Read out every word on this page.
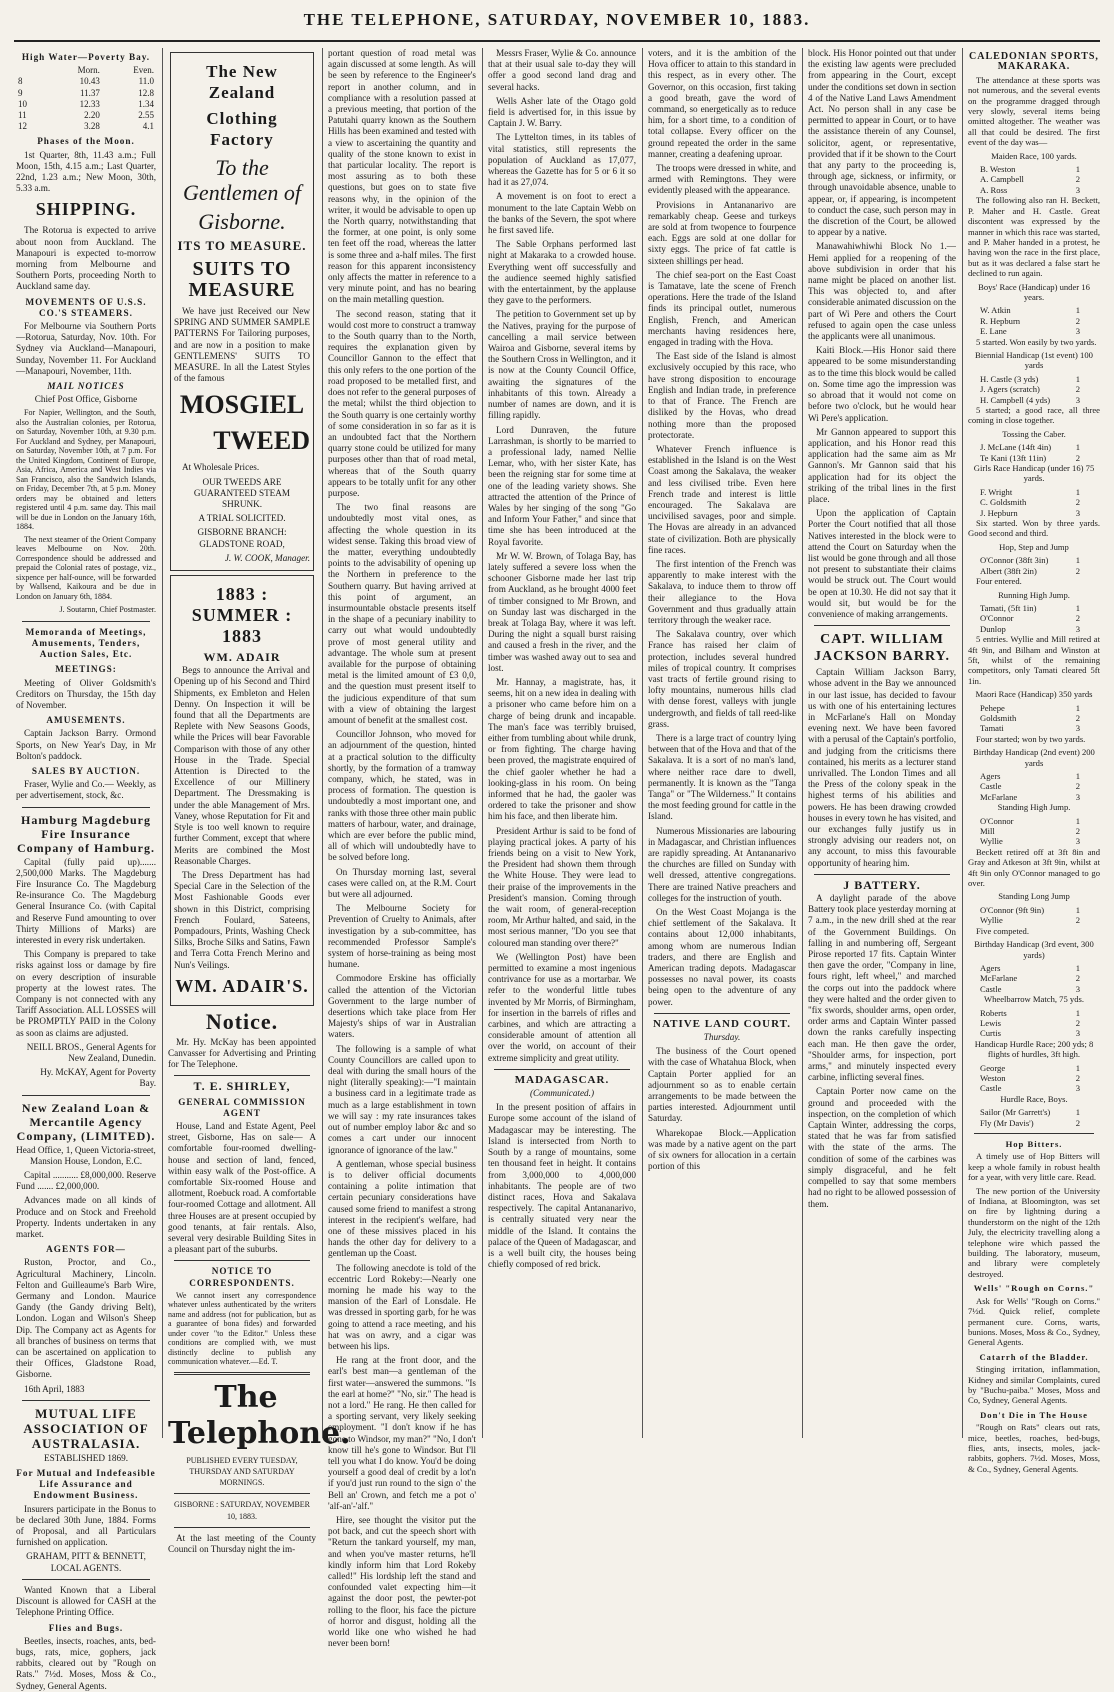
THE TELEPHONE, SATURDAY, NOVEMBER 10, 1883.

High Water—Poverty Bay.

	Morn.	Even.
8	10.43	11.0
9	11.37	12.8
10	12.33	1.34
11	2.20	2.55
12	3.28	4.1

Phases of the Moon.

1st Quarter, 8th, 11.43 a.m.; Full Moon, 15th, 4.15 a.m.; Last Quarter, 22nd, 1.23 a.m.; New Moon, 30th, 5.33 a.m.

SHIPPING.

The Rotorua is expected to arrive about noon from Auckland. The Manapouri is expected to-morrow morning from Melbourne and Southern Ports, proceeding North to Auckland same day.

MOVEMENTS OF U.S.S. CO.'S STEAMERS.

For Melbourne via Southern Ports—Rotorua, Saturday, Nov. 10th. For Sydney via Auckland—Manapouri, Sunday, November 11. For Auckland—Manapouri, November, 11th.

MAIL NOTICES

Chief Post Office, Gisborne

For Napier, Wellington, and the South, also the Australian colonies, per Rotorua, on Saturday, November 10th, at 9.30 p.m. For Auckland and Sydney, per Manapouri, on Saturday, November 10th, at 7 p.m. For the United Kingdom, Continent of Europe, Asia, Africa, America and West Indies via San Francisco, also the Sandwich Islands, on Friday, December 7th, at 5 p.m. Money orders may be obtained and letters registered until 4 p.m. same day. This mail will be due in London on the January 16th, 1884.

The next steamer of the Orient Company leaves Melbourne on Nov. 20th. Correspondence should be addressed and prepaid the Colonial rates of postage, viz., sixpence per half-ounce, will be forwarded by Wallsend, Kaikoura and be due in London on January 6th, 1884.

J. Soutarnn, Chief Postmaster.

Memoranda of Meetings, Amusements, Tenders, Auction Sales, Etc.

MEETINGS:

Meeting of Oliver Goldsmith's Creditors on Thursday, the 15th day of November.

AMUSEMENTS.

Captain Jackson Barry. Ormond Sports, on New Year's Day, in Mr Bolton's paddock.

SALES BY AUCTION.

Fraser, Wylie and Co.— Weekly, as per advertisement, stock, &c.

Hamburg Magdeburg Fire Insurance Company of Hamburg.

Capital (fully paid up)....... 2,500,000 Marks. The Magdeburg Fire Insurance Co. The Magdeburg Re-insurance Co. The Magdeburg General Insurance Co. (with Capital and Reserve Fund amounting to over Thirty Millions of Marks) are interested in every risk undertaken.

This Company is prepared to take risks against loss or damage by fire on every description of insurable property at the lowest rates. The Company is not connected with any Tariff Association. ALL LOSSES will be PROMPTLY PAID in the Colony as soon as claims are adjusted.

NEILL BROS., General Agents for New Zealand, Dunedin.

Hy. McKAY, Agent for Poverty Bay.

New Zealand Loan & Mercantile Agency Company, (LIMITED).

Head Office, 1, Queen Victoria-street, Mansion House, London, E.C.

Capital ........... £8,000,000. Reserve Fund ....... £2,000,000.

Advances made on all kinds of Produce and on Stock and Freehold Property. Indents undertaken in any market.

AGENTS FOR—

Ruston, Proctor, and Co., Agricultural Machinery, Lincoln. Felton and Guilleaume's Barb Wire, Germany and London. Maurice Gandy (the Gandy driving Belt), London. Logan and Wilson's Sheep Dip. The Company act as Agents for all branches of business on terms that can be ascertained on application to their Offices, Gladstone Road, Gisborne.

16th April, 1883

MUTUAL LIFE ASSOCIATION OF AUSTRALASIA.

ESTABLISHED 1869.

For Mutual and Indefeasible Life Assurance and Endowment Business.

Insurers participate in the Bonus to be declared 30th June, 1884. Forms of Proposal, and all Particulars furnished on application.

GRAHAM, PITT & BENNETT, LOCAL AGENTS.

Wanted Known that a Liberal Discount is allowed for CASH at the Telephone Printing Office.

Flies and Bugs.

Beetles, insects, roaches, ants, bed-bugs, rats, mice, gophers, jack rabbits, cleared out by "Rough on Rats." 7½d. Moses, Moss & Co., Sydney, General Agents.

The New Zealand

Clothing Factory

To the Gentlemen of

Gisborne.

ITS TO MEASURE.

SUITS TO MEASURE

We have just Received our New SPRING AND SUMMER SAMPLE PATTERNS For Tailoring purposes, and are now in a position to make GENTLEMENS' SUITS TO MEASURE. In all the Latest Styles of the famous

MOSGIEL

TWEED

At Wholesale Prices.

OUR TWEEDS ARE GUARANTEED STEAM SHRUNK.

A TRIAL SOLICITED.

GISBORNE BRANCH: GLADSTONE ROAD,

J. W. COOK, Manager.

1883 : SUMMER : 1883

WM. ADAIR

Begs to announce the Arrival and Opening up of his Second and Third Shipments, ex Embleton and Helen Denny. On Inspection it will be found that all the Departments are Replete with New Seasons Goods, while the Prices will bear Favorable Comparison with those of any other House in the Trade. Special Attention is Directed to the Excellence of our Millinery Department. The Dressmaking is under the able Management of Mrs. Vaney, whose Reputation for Fit and Style is too well known to require further Comment, except that where Merits are combined the Most Reasonable Charges.

The Dress Department has had Special Care in the Selection of the Most Fashionable Goods ever shown in this District, comprising French Foulard, Sateens, Pompadours, Prints, Washing Check Silks, Broche Silks and Satins, Fawn and Terra Cotta French Merino and Nun's Veilings.

WM. ADAIR'S.

Notice.

Mr. Hy. McKay has been appointed Canvasser for Advertising and Printing for The Telephone.

T. E. SHIRLEY,

GENERAL COMMISSION AGENT

House, Land and Estate Agent, Peel street, Gisborne, Has on sale— A comfortable four-roomed dwelling-house and section of land, fenced, within easy walk of the Post-office. A comfortable Six-roomed House and allotment, Roebuck road. A comfortable four-roomed Cottage and allotment. All three Houses are at present occupied by good tenants, at fair rentals. Also, several very desirable Building Sites in a pleasant part of the suburbs.

NOTICE TO CORRESPONDENTS.

We cannot insert any correspondence whatever unless authenticated by the writers name and address (not for publication, but as a guarantee of bona fides) and forwarded under cover "to the Editor." Unless these conditions are complied with, we must distinctly decline to publish any communication whatever.—Ed. T.

The Telephone.

PUBLISHED EVERY TUESDAY, THURSDAY AND SATURDAY MORNINGS.

GISBORNE : SATURDAY, NOVEMBER 10, 1883.

At the last meeting of the County Council on Thursday night the im-

portant question of road metal was again discussed at some length. As will be seen by reference to the Engineer's report in another column, and in compliance with a resolution passed at a previous meeting, that portion of the Patutahi quarry known as the Southern Hills has been examined and tested with a view to ascertaining the quantity and quality of the stone known to exist in that particular locality. The report is most assuring as to both these questions, but goes on to state five reasons why, in the opinion of the writer, it would be advisable to open up the North quarry, notwithstanding that the former, at one point, is only some ten feet off the road, whereas the latter is some three and a-half miles. The first reason for this apparent inconsistency only affects the matter in reference to a very minute point, and has no bearing on the main metalling question.

The second reason, stating that it would cost more to construct a tramway to the South quarry than to the North, requires the explanation given by Councillor Gannon to the effect that this only refers to the one portion of the road proposed to be metalled first, and does not refer to the general purposes of the metal; whilst the third objection to the South quarry is one certainly worthy of some consideration in so far as it is an undoubted fact that the Northern quarry stone could be utilized for many purposes other than that of road metal, whereas that of the South quarry appears to be totally unfit for any other purpose.

The two final reasons are undoubtedly most vital ones, as affecting the whole question in its widest sense. Taking this broad view of the matter, everything undoubtedly points to the advisability of opening up the Northern in preference to the Southern quarry. But having arrived at this point of argument, an insurmountable obstacle presents itself in the shape of a pecuniary inability to carry out what would undoubtedly prove of most general utility and advantage. The whole sum at present available for the purpose of obtaining metal is the limited amount of £3 0,0, and the question must present itself to the judicious expenditure of that sum with a view of obtaining the largest amount of benefit at the smallest cost.

Councillor Johnson, who moved for an adjournment of the question, hinted at a practical solution to the difficulty shortly, by the formation of a tramway company, which, he stated, was in process of formation. The question is undoubtedly a most important one, and ranks with those three other main public matters of harbour, water, and drainage, which are ever before the public mind, all of which will undoubtedly have to be solved before long.

On Thursday morning last, several cases were called on, at the R.M. Court but were all adjourned.

The Melbourne Society for Prevention of Cruelty to Animals, after investigation by a sub-committee, has recommended Professor Sample's system of horse-training as being most humane.

Commodore Erskine has officially called the attention of the Victorian Government to the large number of desertions which take place from Her Majesty's ships of war in Australian waters.

The following is a sample of what County Councillors are called upon to deal with during the small hours of the night (literally speaking):—"I maintain a business card in a legitimate trade as much as a large establishment in town we will say : my rate insurances takes out of number employ labor &c and so comes a cart under our innocent ignorance of ignorance of the law."

A gentleman, whose special business is to deliver official documents containing a polite intimation that certain pecuniary considerations have caused some friend to manifest a strong interest in the recipient's welfare, had one of these missives placed in his hands the other day for delivery to a gentleman up the Coast.

The following anecdote is told of the eccentric Lord Rokeby:—Nearly one morning he made his way to the mansion of the Earl of Lonsdale. He was dressed in sporting garb, for he was going to attend a race meeting, and his hat was on awry, and a cigar was between his lips.

He rang at the front door, and the earl's best man—a gentleman of the first water—answered the summons. "Is the earl at home?" "No, sir." The head is not a lord." He rang. He then called for a sporting servant, very likely seeking employment. "I don't know if he has gone to Windsor, my man?" "No, I don't know till he's gone to Windsor. But I'll tell you what I do know. You'd be doing yourself a good deal of credit by a lot'n if you'd just run round to the sign o' the Bell an' Crown, and fetch me a pot o' 'alf-an'-'alf."

Hire, see thought the visitor put the pot back, and cut the speech short with "Return the tankard yourself, my man, and when you've master returns, he'll kindly inform him that Lord Rokeby called!" His lordship left the stand and confounded valet expecting him—it against the door post, the pewter-pot rolling to the floor, his face the picture of horror and disgust, holding all the world like one who wished he had never been born!

Messrs Fraser, Wylie & Co. announce that at their usual sale to-day they will offer a good second land drag and several hacks.

Wells Asher late of the Otago gold field is advertised for, in this issue by Captain J. W. Barry.

The Lyttelton times, in its tables of vital statistics, still represents the population of Auckland as 17,077, whereas the Gazette has for 5 or 6 it so had it as 27,074.

A movement is on foot to erect a monument to the late Captain Webb on the banks of the Severn, the spot where he first saved life.

The Sable Orphans performed last night at Makaraka to a crowded house. Everything went off successfully and the audience seemed highly satisfied with the entertainment, by the applause they gave to the performers.

The petition to Government set up by the Natives, praying for the purpose of cancelling a mail service between Wairoa and Gisborne, several items by the Southern Cross in Wellington, and it is now at the County Council Office, awaiting the signatures of the inhabitants of this town. Already a number of names are down, and it is filling rapidly.

Lord Dunraven, the future Larrashman, is shortly to be married to a professional lady, named Nellie Lemar, who, with her sister Kate, has been the reigning star for some time at one of the leading variety shows. She attracted the attention of the Prince of Wales by her singing of the song "Go and Inform Your Father," and since that time she has been introduced at the Royal favorite.

Mr W. W. Brown, of Tolaga Bay, has lately suffered a severe loss when the schooner Gisborne made her last trip from Auckland, as he brought 4000 feet of timber consigned to Mr Brown, and on Sunday last was discharged in the break at Tolaga Bay, where it was left. During the night a squall burst raising and caused a fresh in the river, and the timber was washed away out to sea and lost.

Mr. Hannay, a magistrate, has, it seems, hit on a new idea in dealing with a prisoner who came before him on a charge of being drunk and incapable. The man's face was terribly bruised, either from tumbling about while drunk, or from fighting. The charge having been proved, the magistrate enquired of the chief gaoler whether he had a looking-glass in his room. On being informed that he had, the gaoler was ordered to take the prisoner and show him his face, and then liberate him.

President Arthur is said to be fond of playing practical jokes. A party of his friends being on a visit to New York, the President had shown them through the White House. They were lead to their praise of the improvements in the President's mansion. Coming through the wait room, of general-reception room, Mr Arthur halted, and said, in the most serious manner, "Do you see that coloured man standing over there?"

We (Wellington Post) have been permitted to examine a most ingenious contrivance for use as a mortarbar. We refer to the wonderful little tubes invented by Mr Morris, of Birmingham, for insertion in the barrels of rifles and carbines, and which are attracting a considerable amount of attention all over the world, on account of their extreme simplicity and great utility.

MADAGASCAR.

(Communicated.)

In the present position of affairs in Europe some account of the island of Madagascar may be interesting. The Island is intersected from North to South by a range of mountains, some ten thousand feet in height. It contains from 3,000,000 to 4,000,000 inhabitants. The people are of two distinct races, Hova and Sakalava respectively. The capital Antananarivo, is centrally situated very near the middle of the Island. It contains the palace of the Queen of Madagascar, and is a well built city, the houses being chiefly composed of red brick.

voters, and it is the ambition of the Hova officer to attain to this standard in this respect, as in every other. The Governor, on this occasion, first taking a good breath, gave the word of command, so energetically as to reduce him, for a short time, to a condition of total collapse. Every officer on the ground repeated the order in the same manner, creating a deafening uproar.

The troops were dressed in white, and armed with Remingtons. They were evidently pleased with the appearance.

Provisions in Antananarivo are remarkably cheap. Geese and turkeys are sold at from twopence to fourpence each. Eggs are sold at one dollar for sixty eggs. The price of fat cattle is sixteen shillings per head.

The chief sea-port on the East Coast is Tamatave, late the scene of French operations. Here the trade of the Island finds its principal outlet, numerous English, French, and American merchants having residences here, engaged in trading with the Hova.

The East side of the Island is almost exclusively occupied by this race, who have strong disposition to encourage English and Indian trade, in preference to that of France. The French are disliked by the Hovas, who dread nothing more than the proposed protectorate.

Whatever French influence is established in the Island is on the West Coast among the Sakalava, the weaker and less civilised tribe. Even here French trade and interest is little encouraged. The Sakalava are uncivilised savages, poor and simple. The Hovas are already in an advanced state of civilization. Both are physically fine races.

The first intention of the French was apparently to make interest with the Sakalava, to induce them to throw off their allegiance to the Hova Government and thus gradually attain territory through the weaker race.

The Sakalava country, over which France has raised her claim of protection, includes several hundred miles of tropical country. It comprises vast tracts of fertile ground rising to lofty mountains, numerous hills clad with dense forest, valleys with jungle undergrowth, and fields of tall reed-like grass.

There is a large tract of country lying between that of the Hova and that of the Sakalava. It is a sort of no man's land, where neither race dare to dwell, permanently. It is known as the "Tanga Tanga" or "The Wilderness." It contains the most feeding ground for cattle in the Island.

Numerous Missionaries are labouring in Madagascar, and Christian influences are rapidly spreading. At Antananarivo the churches are filled on Sunday with well dressed, attentive congregations. There are trained Native preachers and colleges for the instruction of youth.

On the West Coast Mojanga is the chief settlement of the Sakalava. It contains about 12,000 inhabitants, among whom are numerous Indian traders, and there are English and American trading depots. Madagascar possesses no naval power, its coasts being open to the adventure of any power.

NATIVE LAND COURT.

Thursday.

The business of the Court opened with the case of Whatahua Block, when Captain Porter applied for an adjournment so as to enable certain arrangements to be made between the parties interested. Adjournment until Saturday.

Wharekopae Block.—Application was made by a native agent on the part of six owners for allocation in a certain portion of this

block. His Honor pointed out that under the existing law agents were precluded from appearing in the Court, except under the conditions set down in section 4 of the Native Land Laws Amendment Act. No person shall in any case be permitted to appear in Court, or to have the assistance therein of any Counsel, solicitor, agent, or representative, provided that if it be shown to the Court that any party to the proceeding is, through age, sickness, or infirmity, or through unavoidable absence, unable to appear, or, if appearing, is incompetent to conduct the case, such person may in the discretion of the Court, be allowed to appear by a native.

Manawahiwhiwhi Block No 1.—Hemi applied for a reopening of the above subdivision in order that his name might be placed on another list. This was objected to, and after considerable animated discussion on the part of Wi Pere and others the Court refused to again open the case unless the applicants were all unanimous.

Kaiti Block.—His Honor said there appeared to be some misunderstanding as to the time this block would be called on. Some time ago the impression was so abroad that it would not come on before two o'clock, but he would hear Wi Pere's application.

Mr Gannon appeared to support this application, and his Honor read this application had the same aim as Mr Gannon's. Mr Gannon said that his application had for its object the striking of the tribal lines in the first place.

Upon the application of Captain Porter the Court notified that all those Natives interested in the block were to attend the Court on Saturday when the list would be gone through and all those not present to substantiate their claims would be struck out. The Court would be open at 10.30. He did not say that it would sit, but would be for the convenience of making arrangements.

CAPT. WILLIAM JACKSON BARRY.

Captain William Jackson Barry, whose advent in the Bay we announced in our last issue, has decided to favour us with one of his entertaining lectures in McFarlane's Hall on Monday evening next. We have been favored with a perusal of the Captain's portfolio, and judging from the criticisms there contained, his merits as a lecturer stand unrivalled. The London Times and all the Press of the colony speak in the highest terms of his abilities and powers. He has been drawing crowded houses in every town he has visited, and our exchanges fully justify us in strongly advising our readers not, on any account, to miss this favourable opportunity of hearing him.

J BATTERY.

A daylight parade of the above Battery took place yesterday morning at 7 a.m., in the new drill shed at the rear of the Government Buildings. On falling in and numbering off, Sergeant Pirose reported 17 fits. Captain Winter then gave the order, "Company in line, fours right, left wheel," and marched the corps out into the paddock where they were halted and the order given to "fix swords, shoulder arms, open order, order arms and Captain Winter passed down the ranks carefully inspecting each man. He then gave the order, "Shoulder arms, for inspection, port arms," and minutely inspected every carbine, inflicting several fines.

Captain Porter now came on the ground and proceeded with the inspection, on the completion of which Captain Winter, addressing the corps, stated that he was far from satisfied with the state of the arms. The condition of some of the carbines was simply disgraceful, and he felt compelled to say that some members had no right to be allowed possession of them.

CALEDONIAN SPORTS, MAKARAKA.

The attendance at these sports was not numerous, and the several events on the programme dragged through very slowly, several items being omitted altogether. The weather was all that could be desired. The first event of the day was—

Maiden Race, 100 yards.

B. Weston	1
A. Campbell	2
A. Ross	3

The following also ran H. Beckett, P. Maher and H. Castle. Great discontent was expressed by the manner in which this race was started, and P. Maher handed in a protest, he having won the race in the first place, but as it was declared a false start he declined to run again.

Boys' Race (Handicap) under 16 years.

W. Atkin	1
R. Hepburn	2
E. Lane	3

5 started. Won easily by two yards.

Biennial Handicap (1st event) 100 yards

H. Castle (3 yds)	1
J. Agers (scratch)	2
H. Campbell (4 yds)	3

5 started; a good race, all three coming in close together.

Tossing the Caber.

J. McLane (14ft 4in)	1
Te Kani (13ft 11in)	2

Girls Race Handicap (under 16) 75 yards.

F. Wright	1
C. Goldsmith	2
J. Hepburn	3

Six started. Won by three yards. Good second and third.

Hop, Step and Jump

O'Connor (38ft 3in)	1
Albert (38ft 2in)	2

Four entered.

Running High Jump.

Tamati, (5ft 1in)	1
O'Connor	2
Dunlop	3

5 entries. Wyllie and Mill retired at 4ft 9in, and Bilham and Winston at 5ft, whilst of the remaining competitors, only Tamati cleared 5ft 1in.

Maori Race (Handicap) 350 yards

Pehepe	1
Goldsmith	2
Tamati	3

Four started; won by two yards.

Birthday Handicap (2nd event) 200 yards

Agers	1
Castle	2
McFarlane	3

Standing High Jump.

O'Connor	1
Mill	2
Wyllie	3

Beckett retired off at 3ft 8in and Gray and Atkeson at 3ft 9in, whilst at 4ft 9in only O'Connor managed to go over.

Standing Long Jump

O'Connor (9ft 9in)	1
Wyllie	2

Five competed.

Birthday Handicap (3rd event, 300 yards)

Agers	1
McFarlane	2
Castle	3

Wheelbarrow Match, 75 yds.

Roberts	1
Lewis	2
Curtis	3

Handicap Hurdle Race; 200 yds; 8 flights of hurdles, 3ft high.

George	1
Weston	2
Castle	3

Hurdle Race, Boys.

Sailor (Mr Garrett's)	1
Fly (Mr Davis')	2

Hop Bitters.

A timely use of Hop Bitters will keep a whole family in robust health for a year, with very little care. Read.

The new portion of the University of Indiana, at Bloomington, was set on fire by lightning during a thunderstorm on the night of the 12th July, the electricity travelling along a telephone wire which passed the building. The laboratory, museum, and library were completely destroyed.

Wells' "Rough on Corns."

Ask for Wells' "Rough on Corns." 7½d. Quick relief, complete permanent cure. Corns, warts, bunions. Moses, Moss & Co., Sydney, General Agents.

Catarrh of the Bladder.

Stinging irritation, inflammation, Kidney and similar Complaints, cured by "Buchu-paiba." Moses, Moss and Co, Sydney, General Agents.

Don't Die in The House

"Rough on Rats" clears out rats, mice, beetles, roaches, bed-bugs, flies, ants, insects, moles, jack-rabbits, gophers. 7½d. Moses, Moss, & Co., Sydney, General Agents.
